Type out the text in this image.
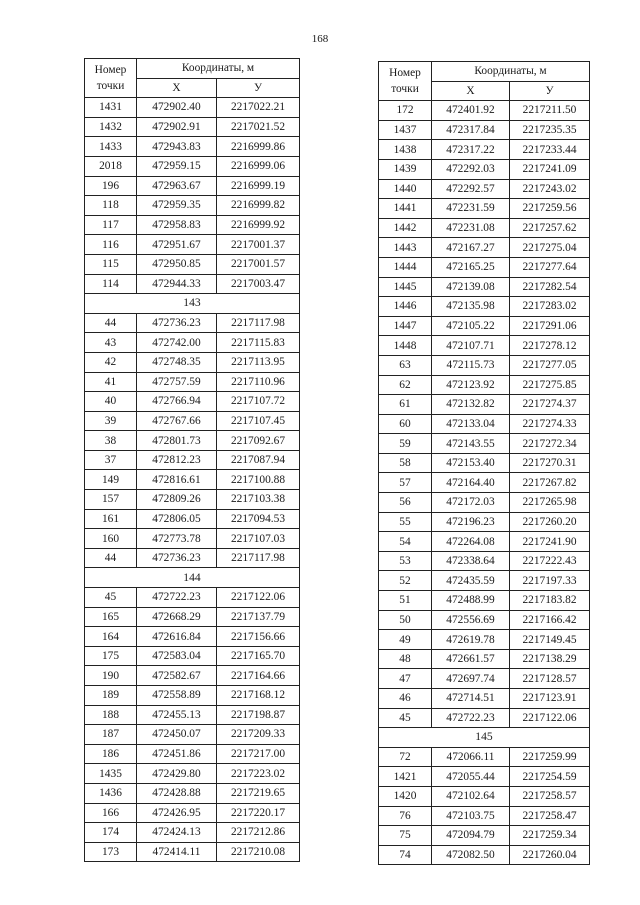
168
Номер
точки	Координаты, м	
	X	У
1431	472902.40	2217022.21
1432	472902.91	2217021.52
1433	472943.83	2216999.86
2018	472959.15	2216999.06
196	472963.67	2216999.19
118	472959.35	2216999.82
117	472958.83	2216999.92
116	472951.67	2217001.37
115	472950.85	2217001.57
114	472944.33	2217003.47
143		
44	472736.23	2217117.98
43	472742.00	2217115.83
42	472748.35	2217113.95
41	472757.59	2217110.96
40	472766.94	2217107.72
39	472767.66	2217107.45
38	472801.73	2217092.67
37	472812.23	2217087.94
149	472816.61	2217100.88
157	472809.26	2217103.38
161	472806.05	2217094.53
160	472773.78	2217107.03
44	472736.23	2217117.98
144		
45	472722.23	2217122.06
165	472668.29	2217137.79
164	472616.84	2217156.66
175	472583.04	2217165.70
190	472582.67	2217164.66
189	472558.89	2217168.12
188	472455.13	2217198.87
187	472450.07	2217209.33
186	472451.86	2217217.00
1435	472429.80	2217223.02
1436	472428.88	2217219.65
166	472426.95	2217220.17
174	472424.13	2217212.86
173	472414.11	2217210.08
Номер
точки	Координаты, м	
	X	У
172	472401.92	2217211.50
1437	472317.84	2217235.35
1438	472317.22	2217233.44
1439	472292.03	2217241.09
1440	472292.57	2217243.02
1441	472231.59	2217259.56
1442	472231.08	2217257.62
1443	472167.27	2217275.04
1444	472165.25	2217277.64
1445	472139.08	2217282.54
1446	472135.98	2217283.02
1447	472105.22	2217291.06
1448	472107.71	2217278.12
63	472115.73	2217277.05
62	472123.92	2217275.85
61	472132.82	2217274.37
60	472133.04	2217274.33
59	472143.55	2217272.34
58	472153.40	2217270.31
57	472164.40	2217267.82
56	472172.03	2217265.98
55	472196.23	2217260.20
54	472264.08	2217241.90
53	472338.64	2217222.43
52	472435.59	2217197.33
51	472488.99	2217183.82
50	472556.69	2217166.42
49	472619.78	2217149.45
48	472661.57	2217138.29
47	472697.74	2217128.57
46	472714.51	2217123.91
45	472722.23	2217122.06
145		
72	472066.11	2217259.99
1421	472055.44	2217254.59
1420	472102.64	2217258.57
76	472103.75	2217258.47
75	472094.79	2217259.34
74	472082.50	2217260.04
